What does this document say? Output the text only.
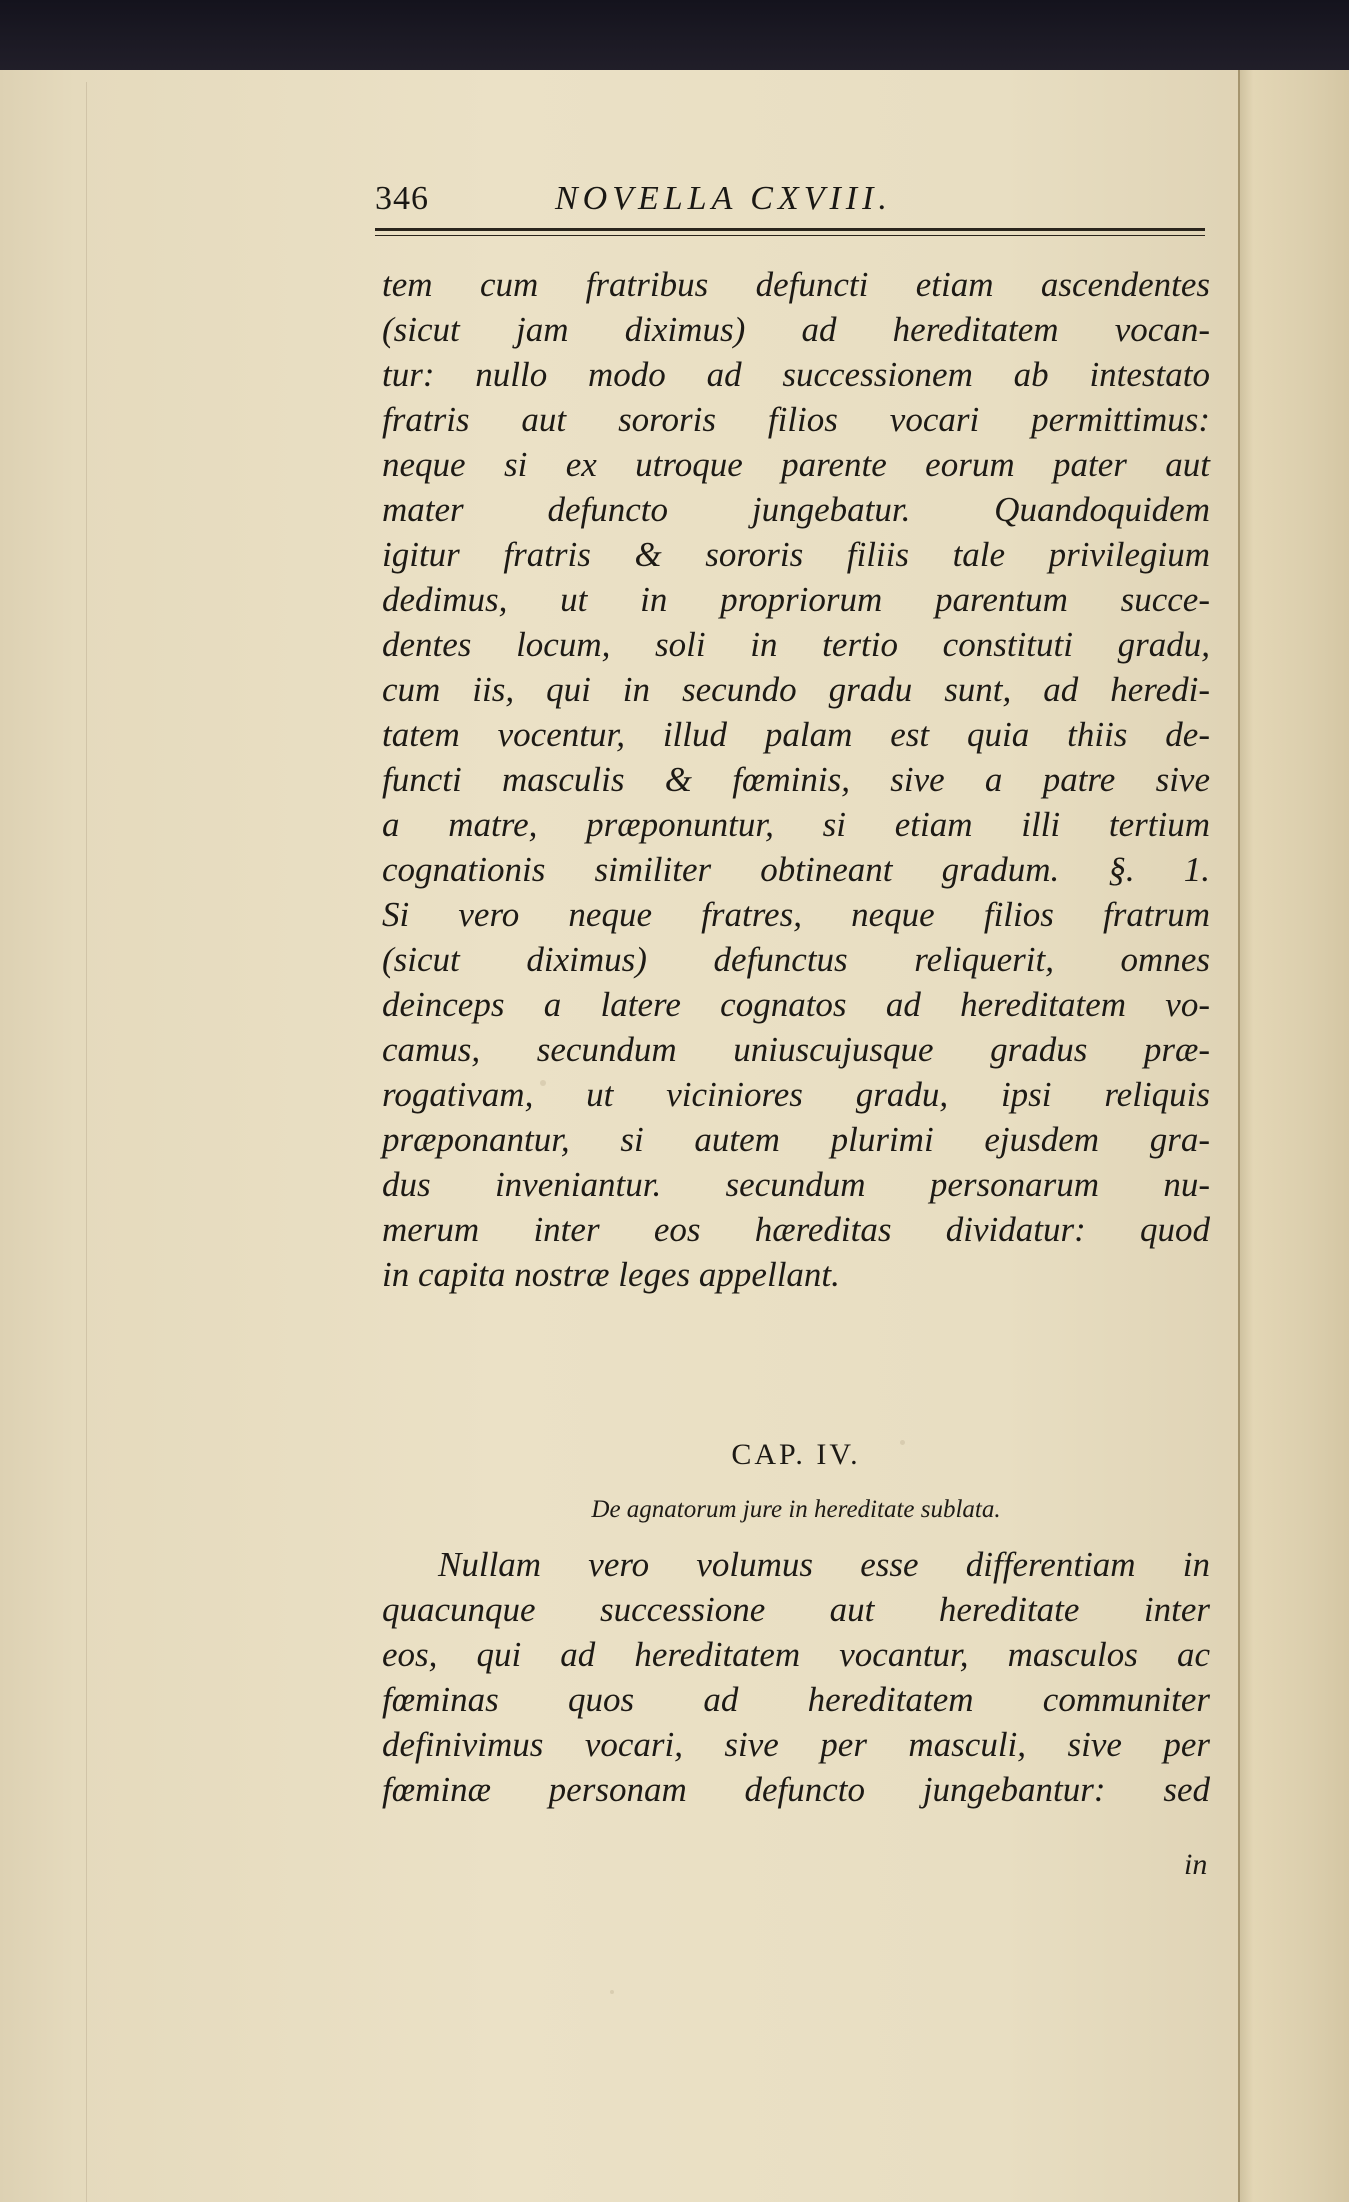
346	NOVELLA CXVIII.
tem cum fratribus defuncti etiam ascendentes
(sicut jam diximus) ad hereditatem vocan-
tur: nullo modo ad successionem ab intestato
fratris aut sororis filios vocari permittimus:
neque si ex utroque parente eorum pater aut
mater defuncto jungebatur. Quandoquidem
igitur fratris & sororis filiis tale privilegium
dedimus, ut in propriorum parentum succe-
dentes locum, soli in tertio constituti gradu,
cum iis, qui in secundo gradu sunt, ad heredi-
tatem vocentur, illud palam est quia thiis de-
functi masculis & fœminis, sive a patre sive
a matre, præponuntur, si etiam illi tertium
cognationis similiter obtineant gradum. §. 1.
Si vero neque fratres, neque filios fratrum
(sicut diximus) defunctus reliquerit, omnes
deinceps a latere cognatos ad hereditatem vo-
camus, secundum uniuscujusque gradus præ-
rogativam, ut viciniores gradu, ipsi reliquis
præponantur, si autem plurimi ejusdem gra-
dus inveniantur. secundum personarum nu-
merum inter eos hæreditas dividatur: quod
in capita nostræ leges appellant.
CAP. IV.
De agnatorum jure in hereditate sublata.
Nullam vero volumus esse differentiam in
quacunque successione aut hereditate inter
eos, qui ad hereditatem vocantur, masculos ac
fœminas quos ad hereditatem communiter
definivimus vocari, sive per masculi, sive per
fœminæ personam defuncto jungebantur: sed
in
